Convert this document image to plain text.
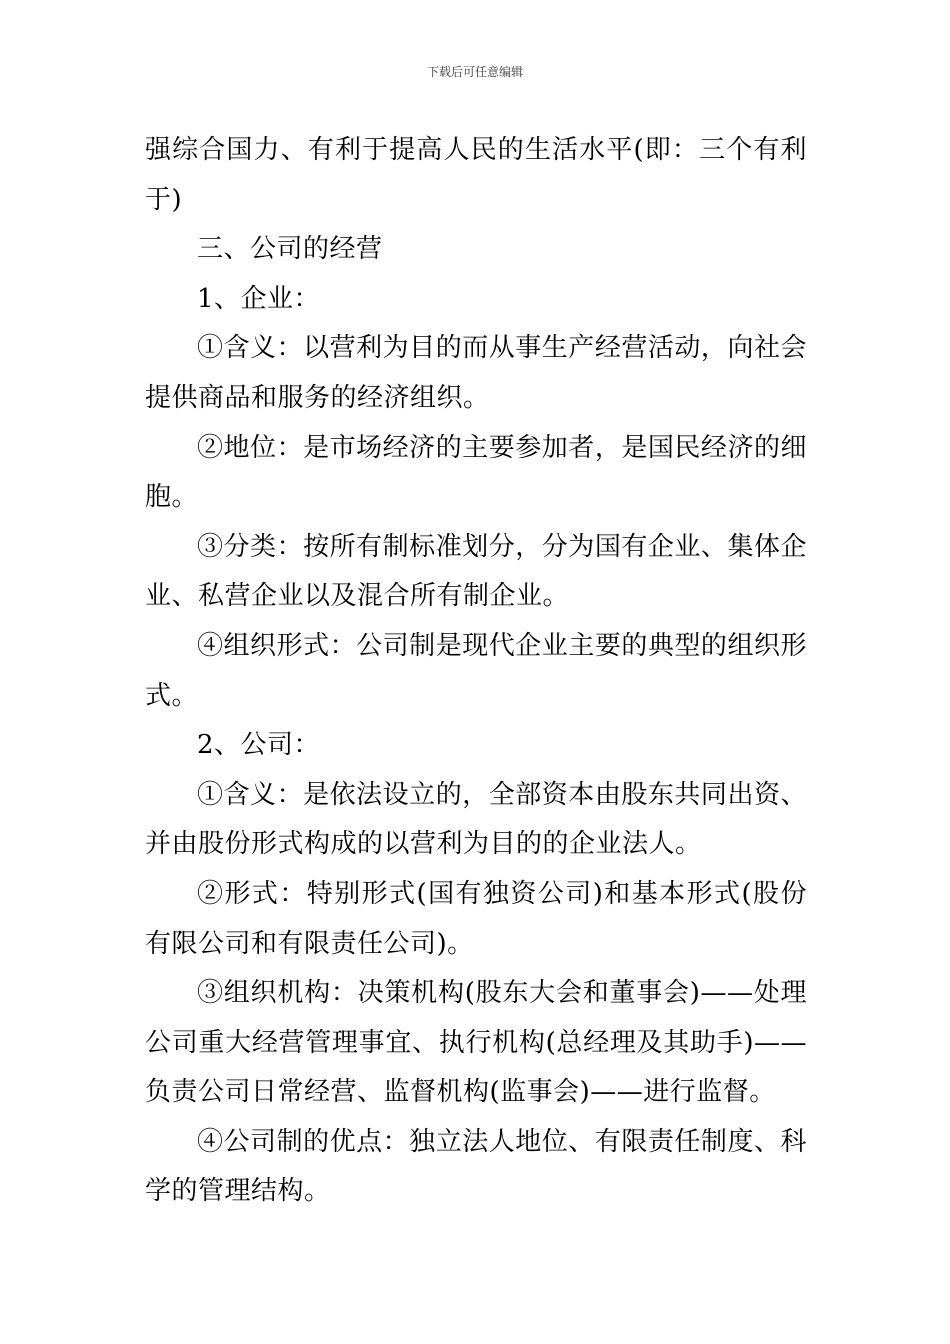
下载后可任意编辑

强综合国力、有利于提高人民的生活水平(即：三个有利于)

三、公司的经营

1、企业：

①含义：以营利为目的而从事生产经营活动，向社会提供商品和服务的经济组织。

②地位：是市场经济的主要参加者，是国民经济的细胞。

③分类：按所有制标准划分，分为国有企业、集体企业、私营企业以及混合所有制企业。

④组织形式：公司制是现代企业主要的典型的组织形式。

2、公司：

①含义：是依法设立的，全部资本由股东共同出资、并由股份形式构成的以营利为目的的企业法人。

②形式：特别形式(国有独资公司)和基本形式(股份有限公司和有限责任公司)。

③组织机构：决策机构(股东大会和董事会)——处理公司重大经营管理事宜、执行机构(总经理及其助手)——负责公司日常经营、监督机构(监事会)——进行监督。

④公司制的优点：独立法人地位、有限责任制度、科学的管理结构。
